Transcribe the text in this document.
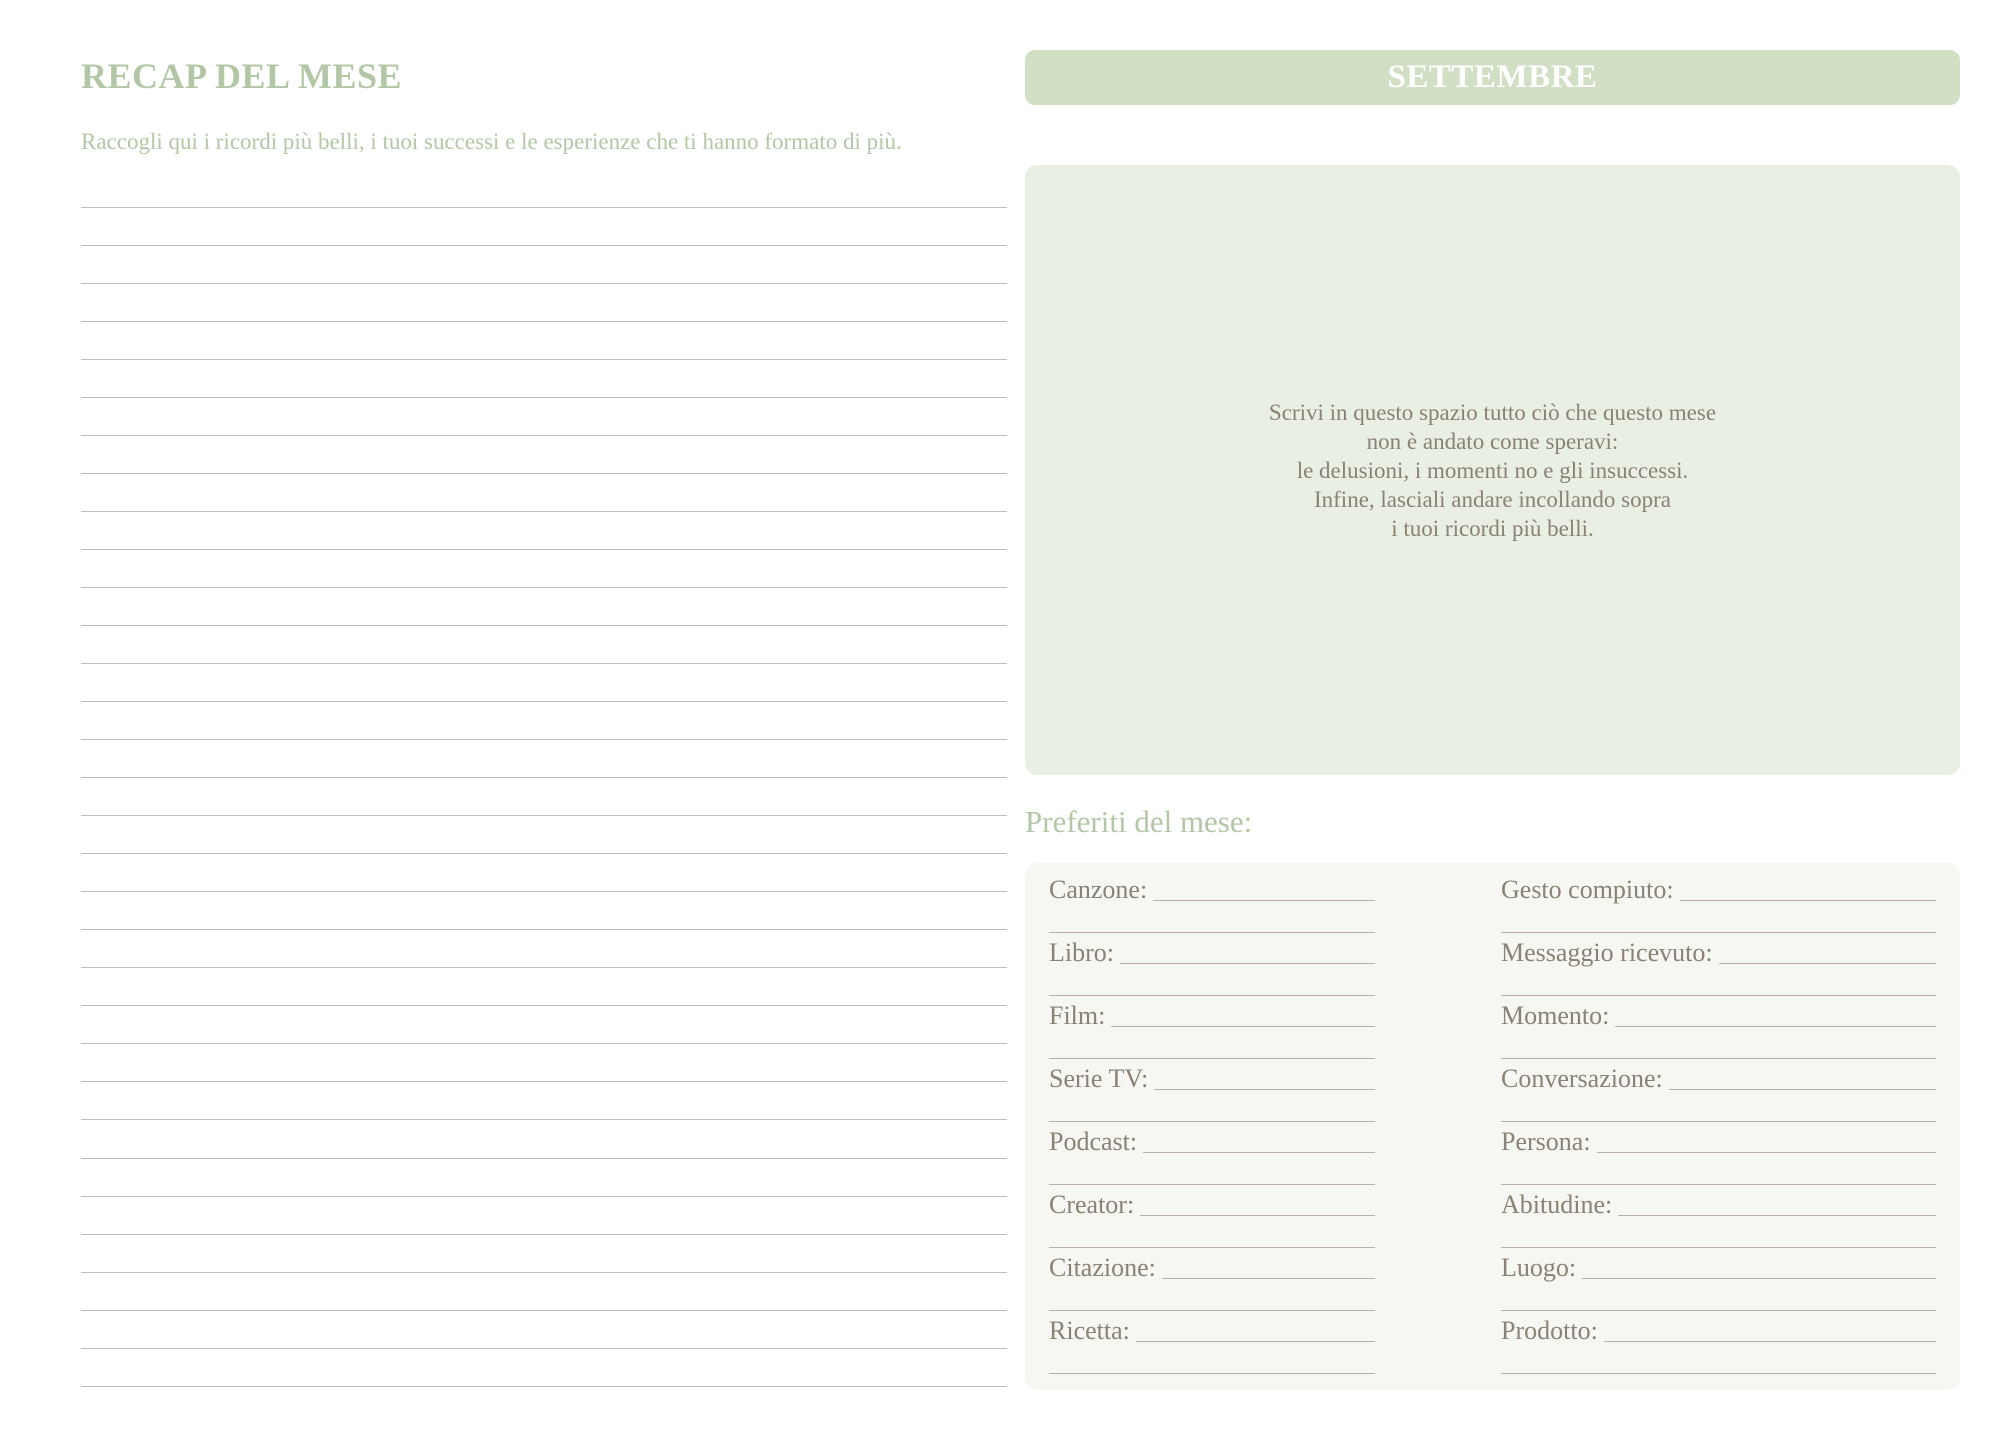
RECAP DEL MESE
Raccogli qui i ricordi più belli, i tuoi successi e le esperienze che ti hanno formato di più.
SETTEMBRE
Scrivi in questo spazio tutto ciò che questo mese
non è andato come speravi:
le delusioni, i momenti no e gli insuccessi.
Infine, lasciali andare incollando sopra
i tuoi ricordi più belli.
Preferiti del mese:
Canzone:
Libro:
Film:
Serie TV:
Podcast:
Creator:
Citazione:
Ricetta:
Gesto compiuto:
Messaggio ricevuto:
Momento:
Conversazione:
Persona:
Abitudine:
Luogo:
Prodotto:
